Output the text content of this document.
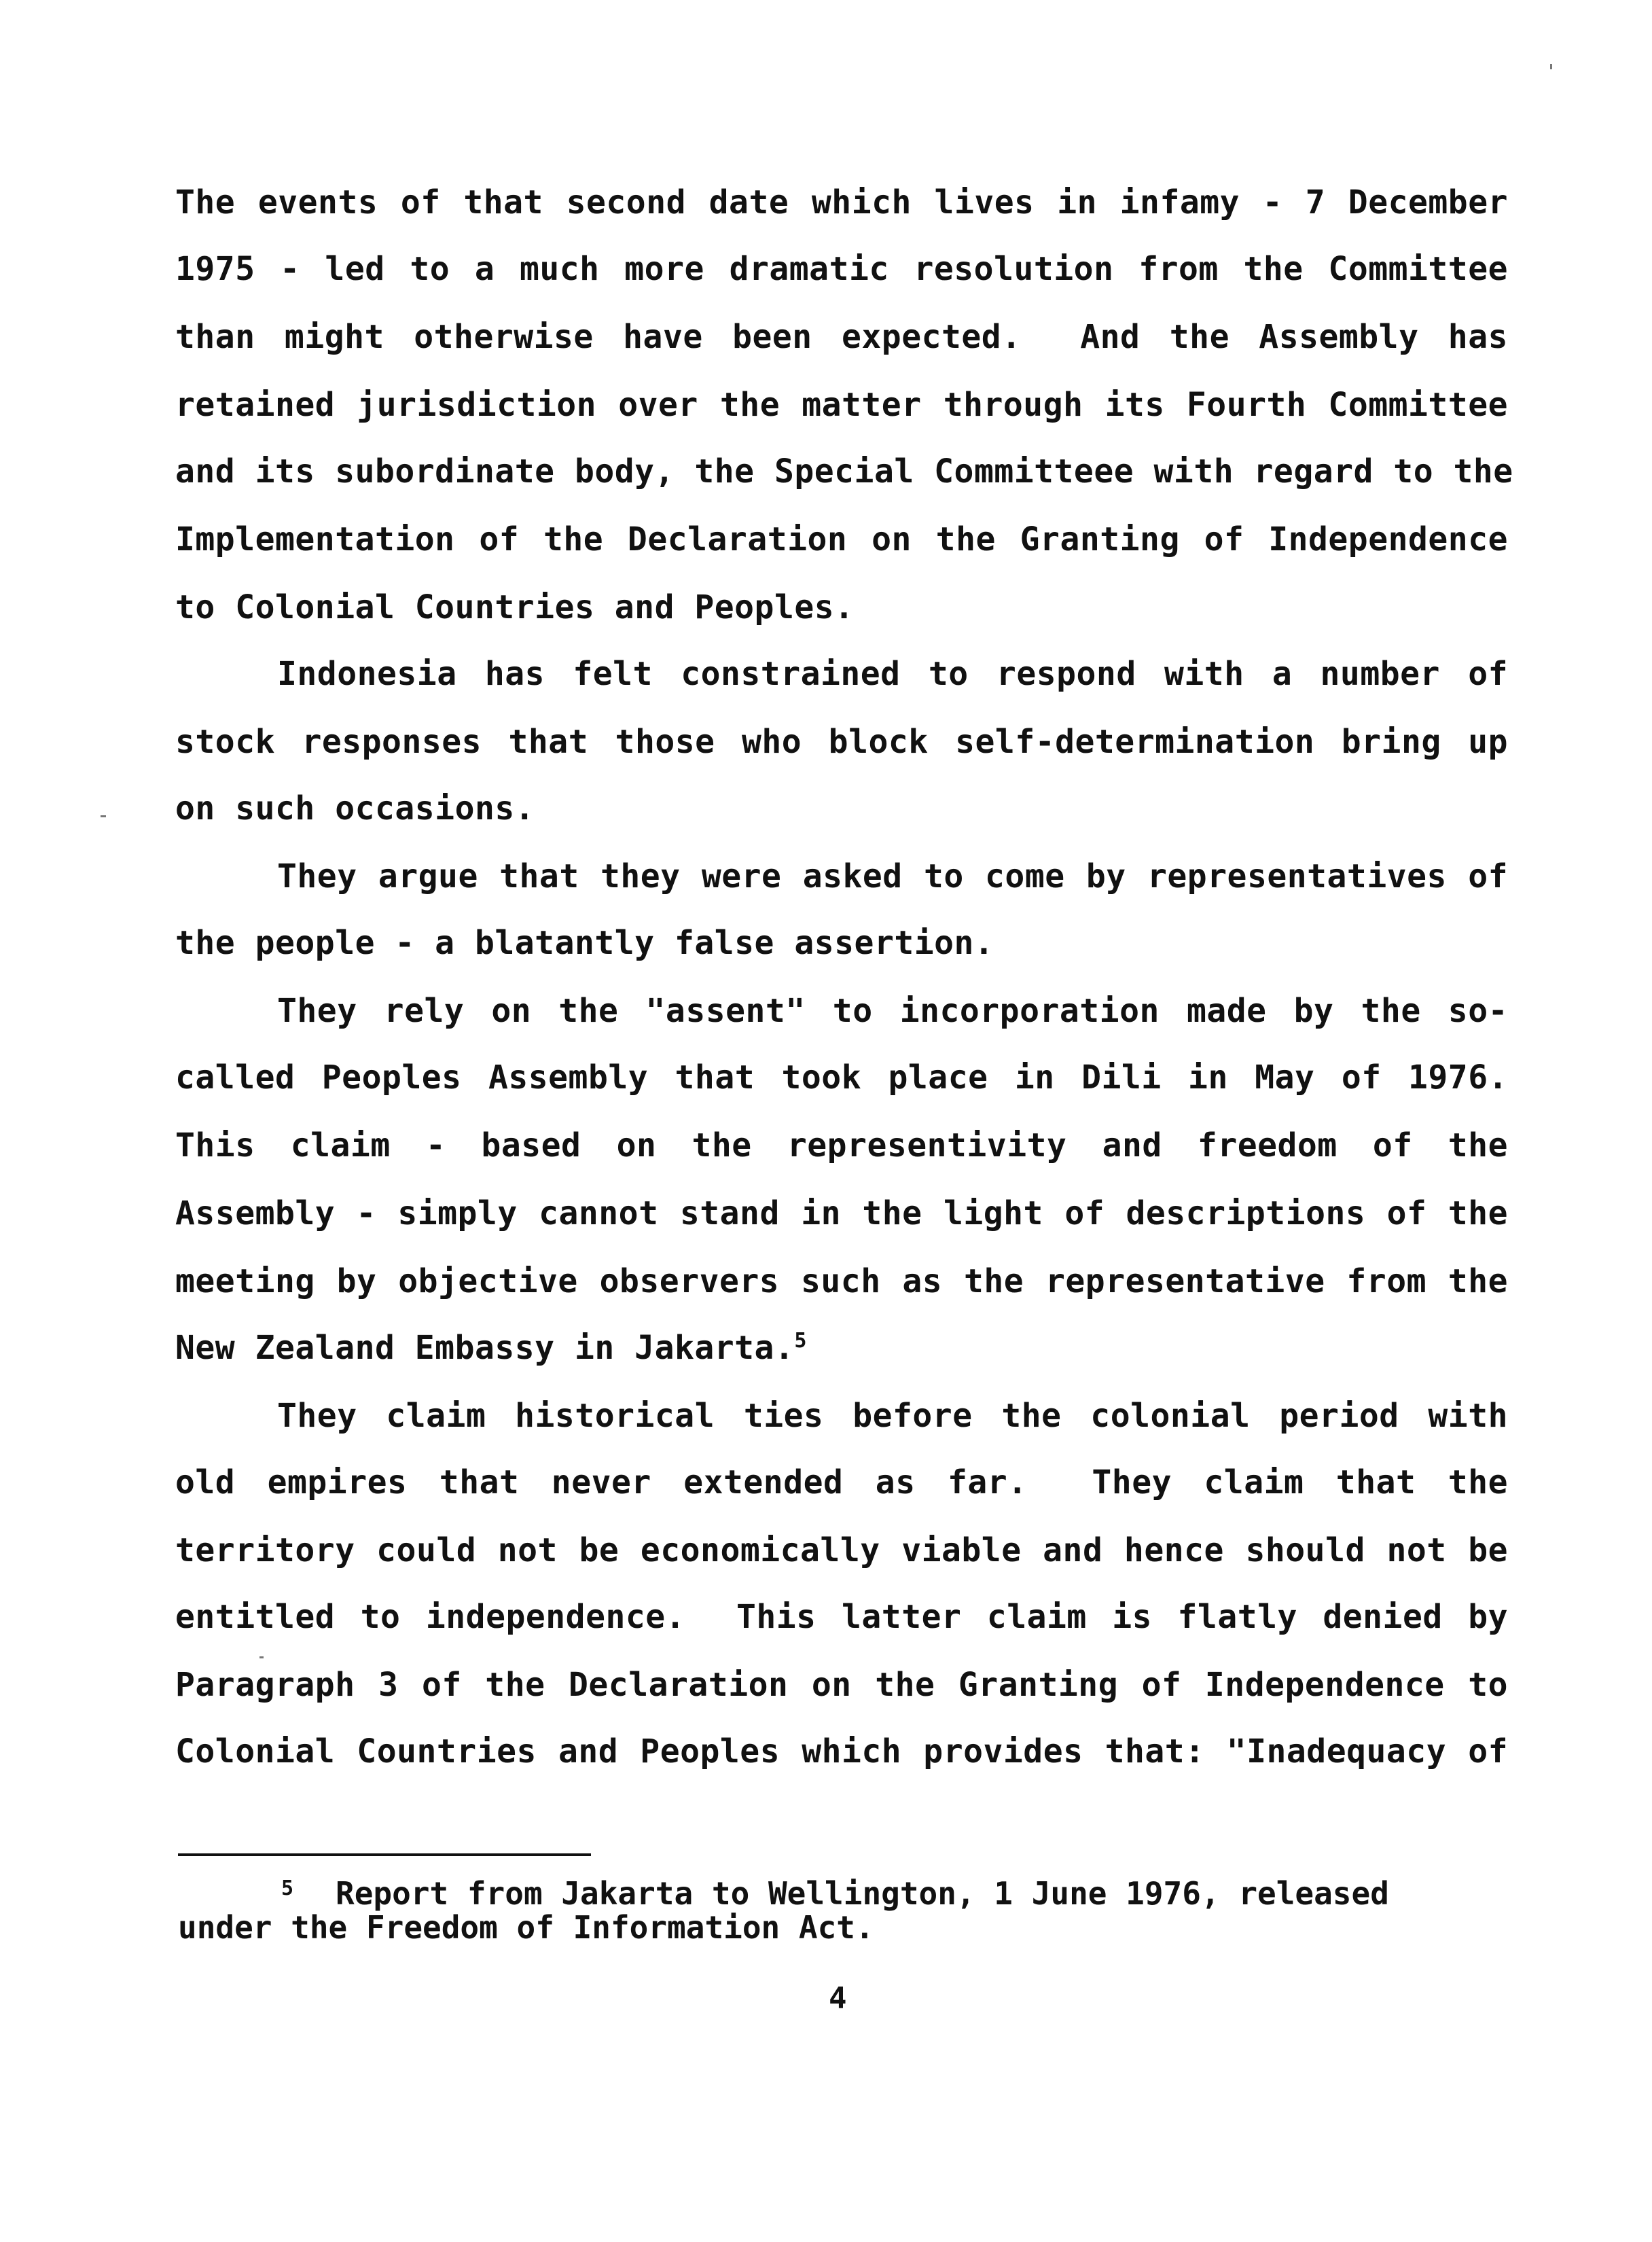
The events of that second date which lives in infamy - 7 December
1975 - led to a much more dramatic resolution from the Committee
than might otherwise have been expected.  And the Assembly has
retained jurisdiction over the matter through its Fourth Committee
and its subordinate body, the Special Committeee with regard to the
Implementation of the Declaration on the Granting of Independence
to Colonial Countries and Peoples.
Indonesia has felt constrained to respond with a number of
stock responses that those who block self-determination bring up
on such occasions.
They argue that they were asked to come by representatives of
the people - a blatantly false assertion.
They rely on the "assent" to incorporation made by the so-
called Peoples Assembly that took place in Dili in May of 1976.
This claim - based on the representivity and freedom of the
Assembly - simply cannot stand in the light of descriptions of the
meeting by objective observers such as the representative from the
New Zealand Embassy in Jakarta.$^5$
They claim historical ties before the colonial period with
old empires that never extended as far.  They claim that the
territory could not be economically viable and hence should not be
entitled to independence.  This latter claim is flatly denied by
Paragraph 3 of the Declaration on the Granting of Independence to
Colonial Countries and Peoples which provides that: "Inadequacy of
5 Report from Jakarta to Wellington, 1 June 1976, released
under the Freedom of Information Act.
4
